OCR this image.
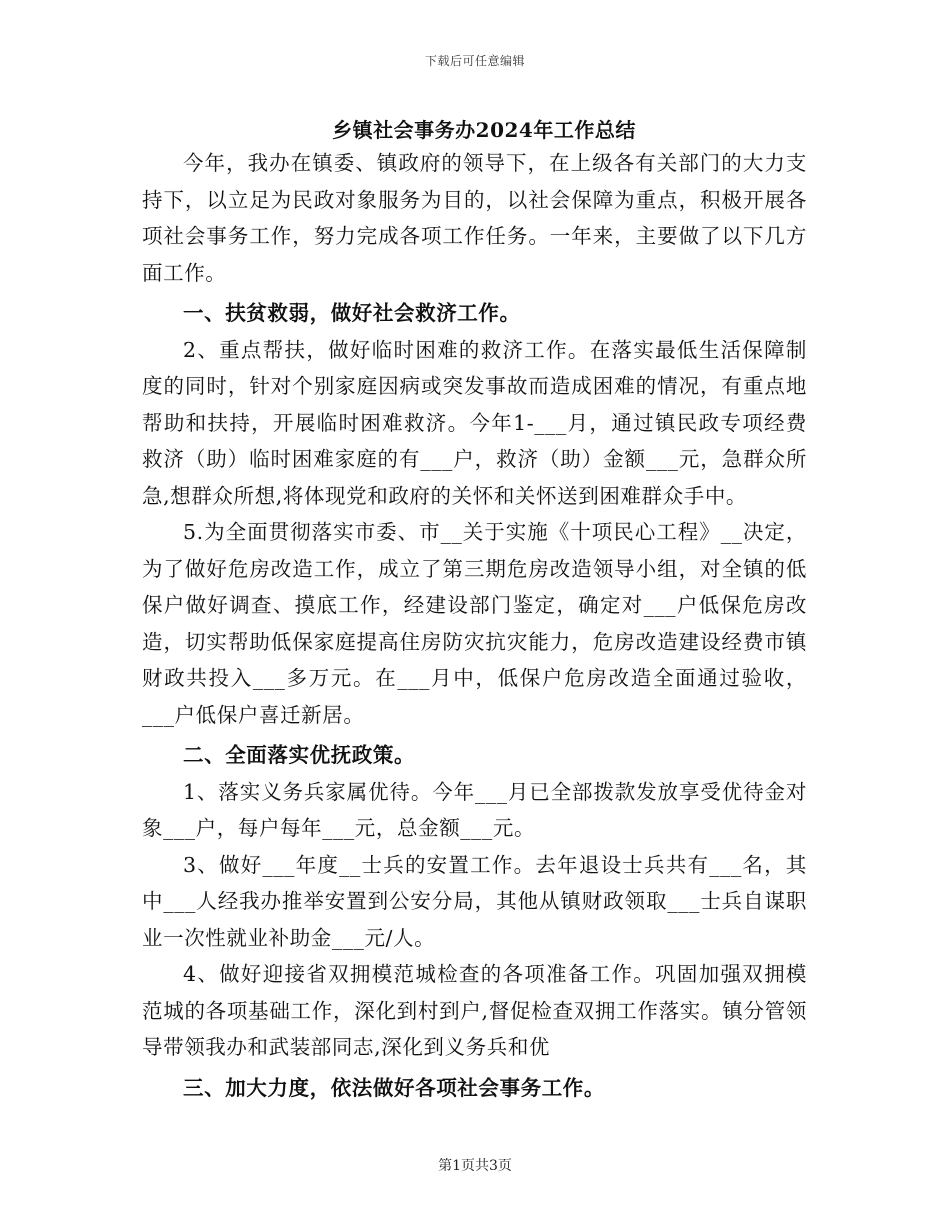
下载后可任意编辑
乡镇社会事务办2024年工作总结

今年，我办在镇委、镇政府的领导下，在上级各有关部门的大力支持下，以立足为民政对象服务为目的，以社会保障为重点，积极开展各项社会事务工作，努力完成各项工作任务。一年来，主要做了以下几方面工作。

一、扶贫救弱，做好社会救济工作。

2、重点帮扶，做好临时困难的救济工作。在落实最低生活保障制度的同时，针对个别家庭因病或突发事故而造成困难的情况，有重点地帮助和扶持，开展临时困难救济。今年1-___月，通过镇民政专项经费救济（助）临时困难家庭的有___户，救济（助）金额___元，急群众所急,想群众所想,将体现党和政府的关怀和关怀送到困难群众手中。

5.为全面贯彻落实市委、市__关于实施《十项民心工程》__决定，为了做好危房改造工作，成立了第三期危房改造领导小组，对全镇的低保户做好调查、摸底工作，经建设部门鉴定，确定对___户低保危房改造，切实帮助低保家庭提高住房防灾抗灾能力，危房改造建设经费市镇财政共投入___多万元。在___月中，低保户危房改造全面通过验收，___户低保户喜迁新居。

二、全面落实优抚政策。

1、落实义务兵家属优待。今年___月已全部拨款发放享受优待金对象___户，每户每年___元，总金额___元。

3、做好___年度__士兵的安置工作。去年退设士兵共有___名，其中___人经我办推举安置到公安分局，其他从镇财政领取___士兵自谋职业一次性就业补助金___元/人。

4、做好迎接省双拥模范城检查的各项准备工作。巩固加强双拥模范城的各项基础工作，深化到村到户,督促检查双拥工作落实。镇分管领导带领我办和武装部同志,深化到义务兵和优

三、加大力度，依法做好各项社会事务工作。

第1页共3页
